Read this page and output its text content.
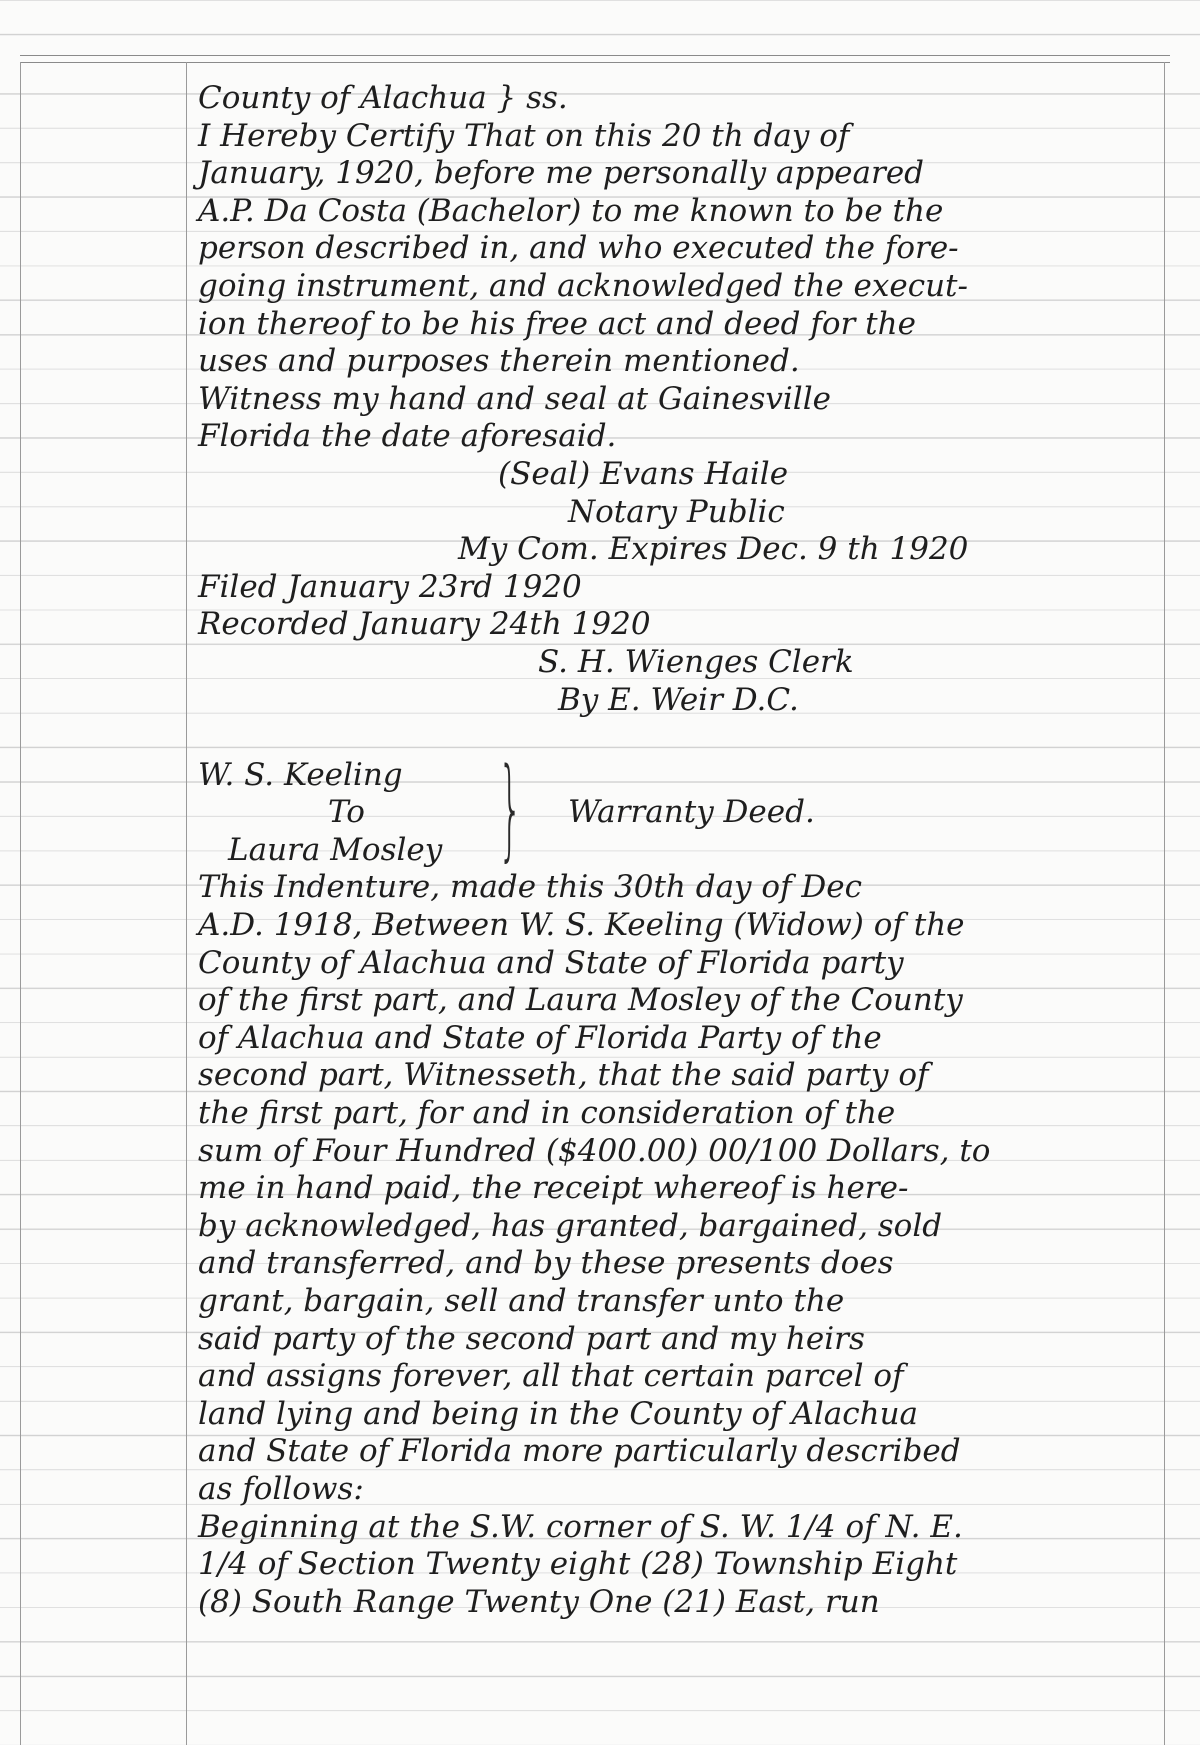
County of Alachua } ss.
I Hereby Certify That on this 20 th day of
January, 1920, before me personally appeared
A.P. Da Costa (Bachelor) to me known to be the
person described in, and who executed the fore-
going instrument, and acknowledged the execut-
ion thereof to be his free act and deed for the
uses and purposes therein mentioned.
Witness my hand and seal at Gainesville
Florida the date aforesaid.
(Seal) Evans Haile
Notary Public
My Com. Expires Dec. 9 th 1920
Filed January 23rd 1920
Recorded January 24th 1920
S. H. Wienges Clerk
By E. Weir D.C.
W. S. Keeling
To
Laura Mosley } Warranty Deed.
This Indenture, made this 30th day of Dec
A.D. 1918, Between W. S. Keeling (Widow) of the
County of Alachua and State of Florida party
of the first part, and Laura Mosley of the County
of Alachua and State of Florida Party of the
second part, Witnesseth, that the said party of
the first part, for and in consideration of the
sum of Four Hundred ($400.00) 00/100 Dollars, to
me in hand paid, the receipt whereof is here-
by acknowledged, has granted, bargained, sold
and transferred, and by these presents does
grant, bargain, sell and transfer unto the
said party of the second part and my heirs
and assigns forever, all that certain parcel of
land lying and being in the County of Alachua
and State of Florida more particularly described
as follows:
Beginning at the S.W. corner of S. W. 1/4 of N. E.
1/4 of Section Twenty eight (28) Township Eight
(8) South Range Twenty One (21) East, run
